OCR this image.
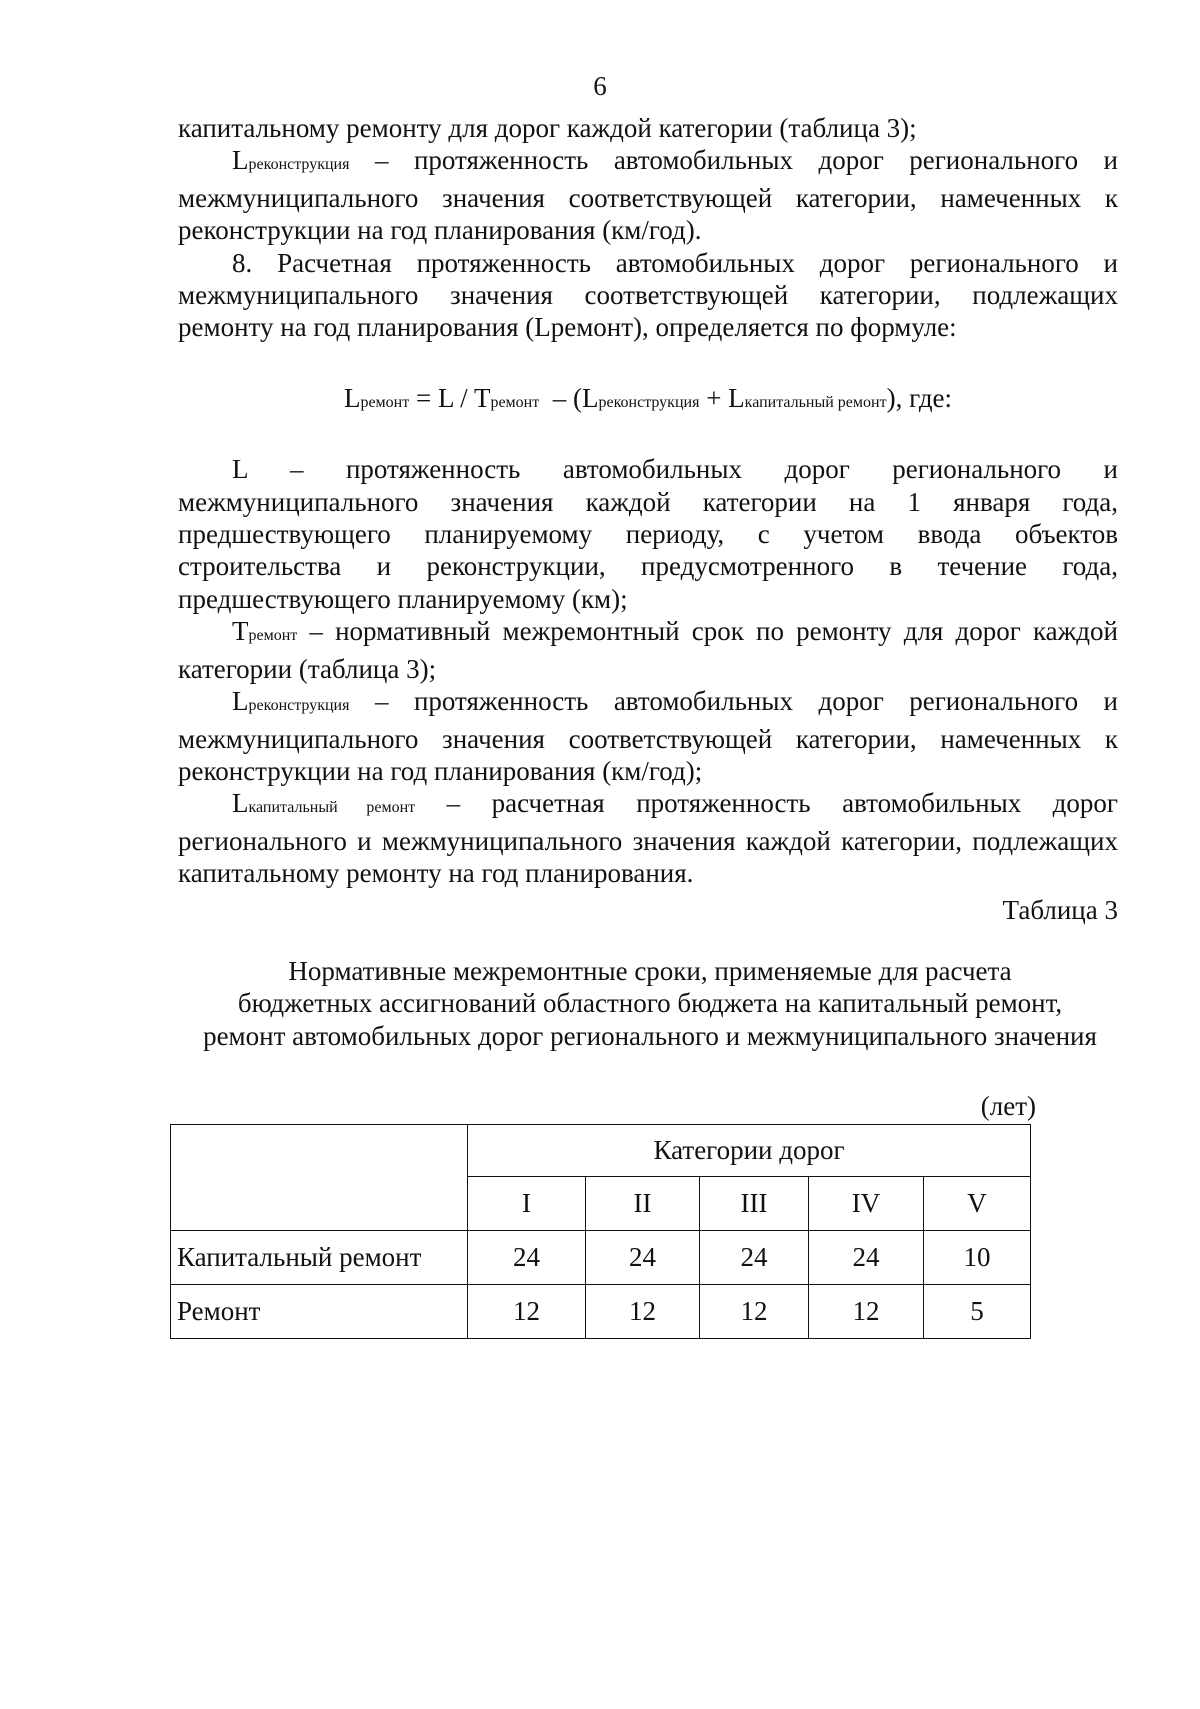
6

капитальному ремонту для дорог каждой категории (таблица 3);

Lреконструкция – протяженность автомобильных дорог регионального и межмуниципального значения соответствующей категории, намеченных к реконструкции на год планирования (км/год).

8. Расчетная протяженность автомобильных дорог регионального и межмуниципального значения соответствующей категории, подлежащих ремонту на год планирования (Lремонт), определяется по формуле:

Lремонт = L / Tремонт  – (Lреконструкция + Lкапитальный ремонт), где:

L – протяженность автомобильных дорог регионального и межмуниципального значения каждой категории на 1 января года, предшествующего планируемому периоду, с учетом ввода объектов строительства и реконструкции, предусмотренного в течение года, предшествующего планируемому (км);

Tремонт – нормативный межремонтный срок по ремонту для дорог каждой категории (таблица 3);

Lреконструкция – протяженность автомобильных дорог регионального и межмуниципального значения соответствующей категории, намеченных к реконструкции на год планирования (км/год);

Lкапитальный ремонт – расчетная протяженность автомобильных дорог регионального и межмуниципального значения каждой категории, подлежащих капитальному ремонту на год планирования.

Таблица 3
Нормативные межремонтные сроки, применяемые для расчета
бюджетных ассигнований областного бюджета на капитальный ремонт,
ремонт автомобильных дорог регионального и межмуниципального значения
(лет)
	Категории дорог				
	I	II	III	IV	V
Капитальный ремонт	24	24	24	24	10
Ремонт	12	12	12	12	5
